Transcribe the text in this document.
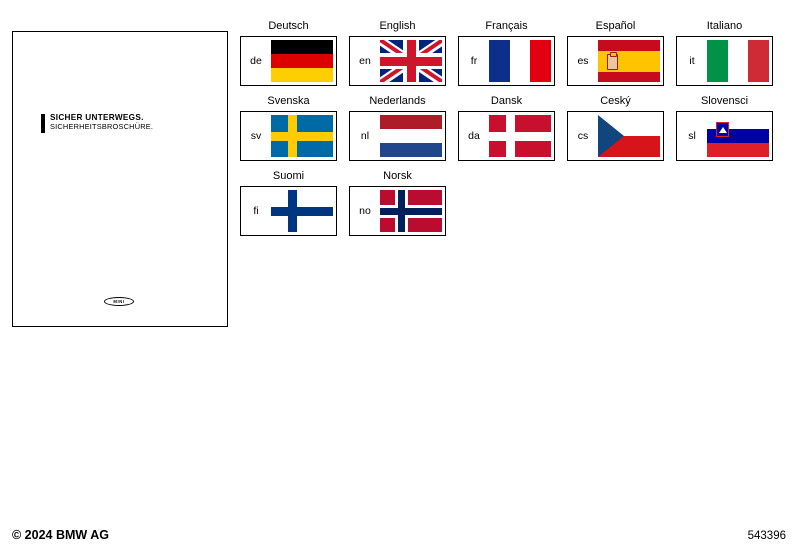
SICHER UNTERWEGS.
SICHERHEITSBROSCHÜRE.
MINI
Deutsch
de
English
en
Français
fr
Español
es
Italiano
it
Svenska
sv
Nederlands
nl
Dansk
da
Ceský
cs
Slovensci
sl
Suomi
fi
Norsk
no
© 2024 BMW AG	543396
